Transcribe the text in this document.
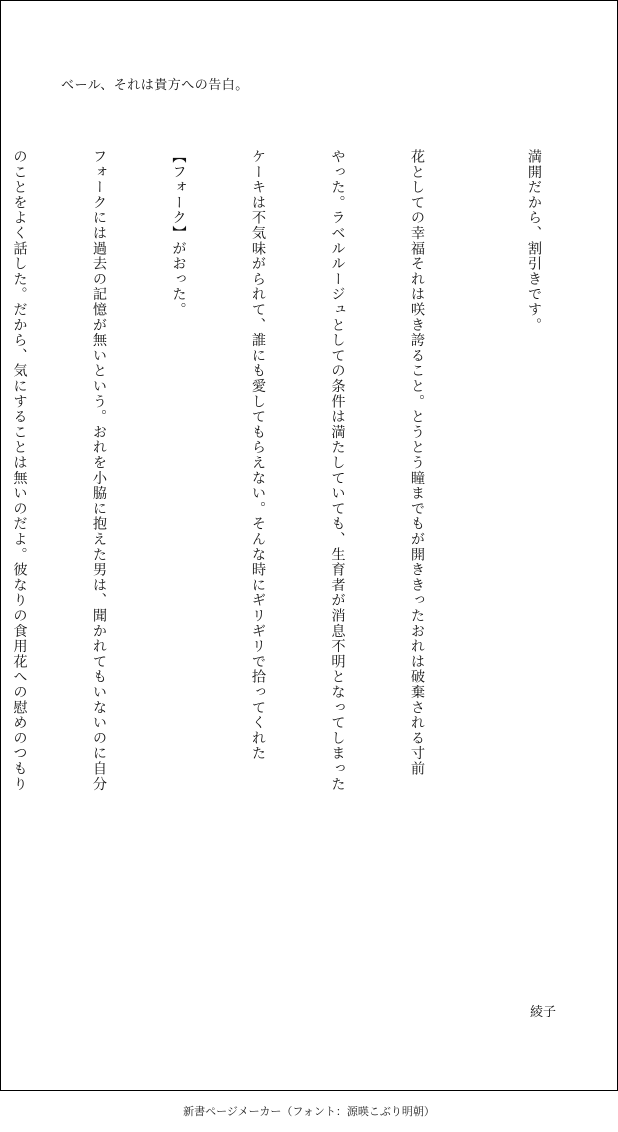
ベール、それは貴方への告白。
満開だから、割引きです。

花としての幸福それは咲き誇ること。とうとう瞳までもが開ききったおれは破棄される寸前

やった。ラベルルージュとしての条件は満たしていても、生育者が消息不明となってしまった

ケーキは不気味がられて、誰にも愛してもらえない。そんな時にギリギリで拾ってくれた

【フォーク】がおった。

フォークには過去の記憶が無いという。おれを小脇に抱えた男は、聞かれてもいないのに自分

のことをよく話した。だから、気にすることは無いのだよ。彼なりの食用花への慰めのつもり

綾子
新書ページメーカー（フォント：源暎こぶり明朝）
